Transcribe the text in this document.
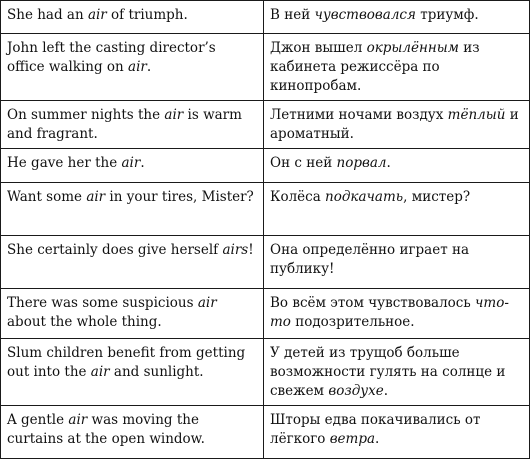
She had an air of triumph.	В ней чувствовался триумф.
John left the casting director’s office walking on air.	Джон вышел окрылённым из кабинета режиссёра по кинопробам.
On summer nights the air is warm and fragrant.	Летними ночами воздух тёплый и ароматный.
He gave her the air.	Он с ней порвал.
Want some air in your tires, Mister?	Колёса подкачать, мистер?
She certainly does give herself airs!	Она определённо играет на публику!
There was some suspicious air about the whole thing.	Во всём этом чувствовалось что-то подозрительное.
Slum children benefit from getting out into the air and sunlight.	У детей из трущоб больше возможности гулять на солнце и свежем воздухе.
A gentle air was moving the curtains at the open window.	Шторы едва покачивались от лёгкого ветра.
